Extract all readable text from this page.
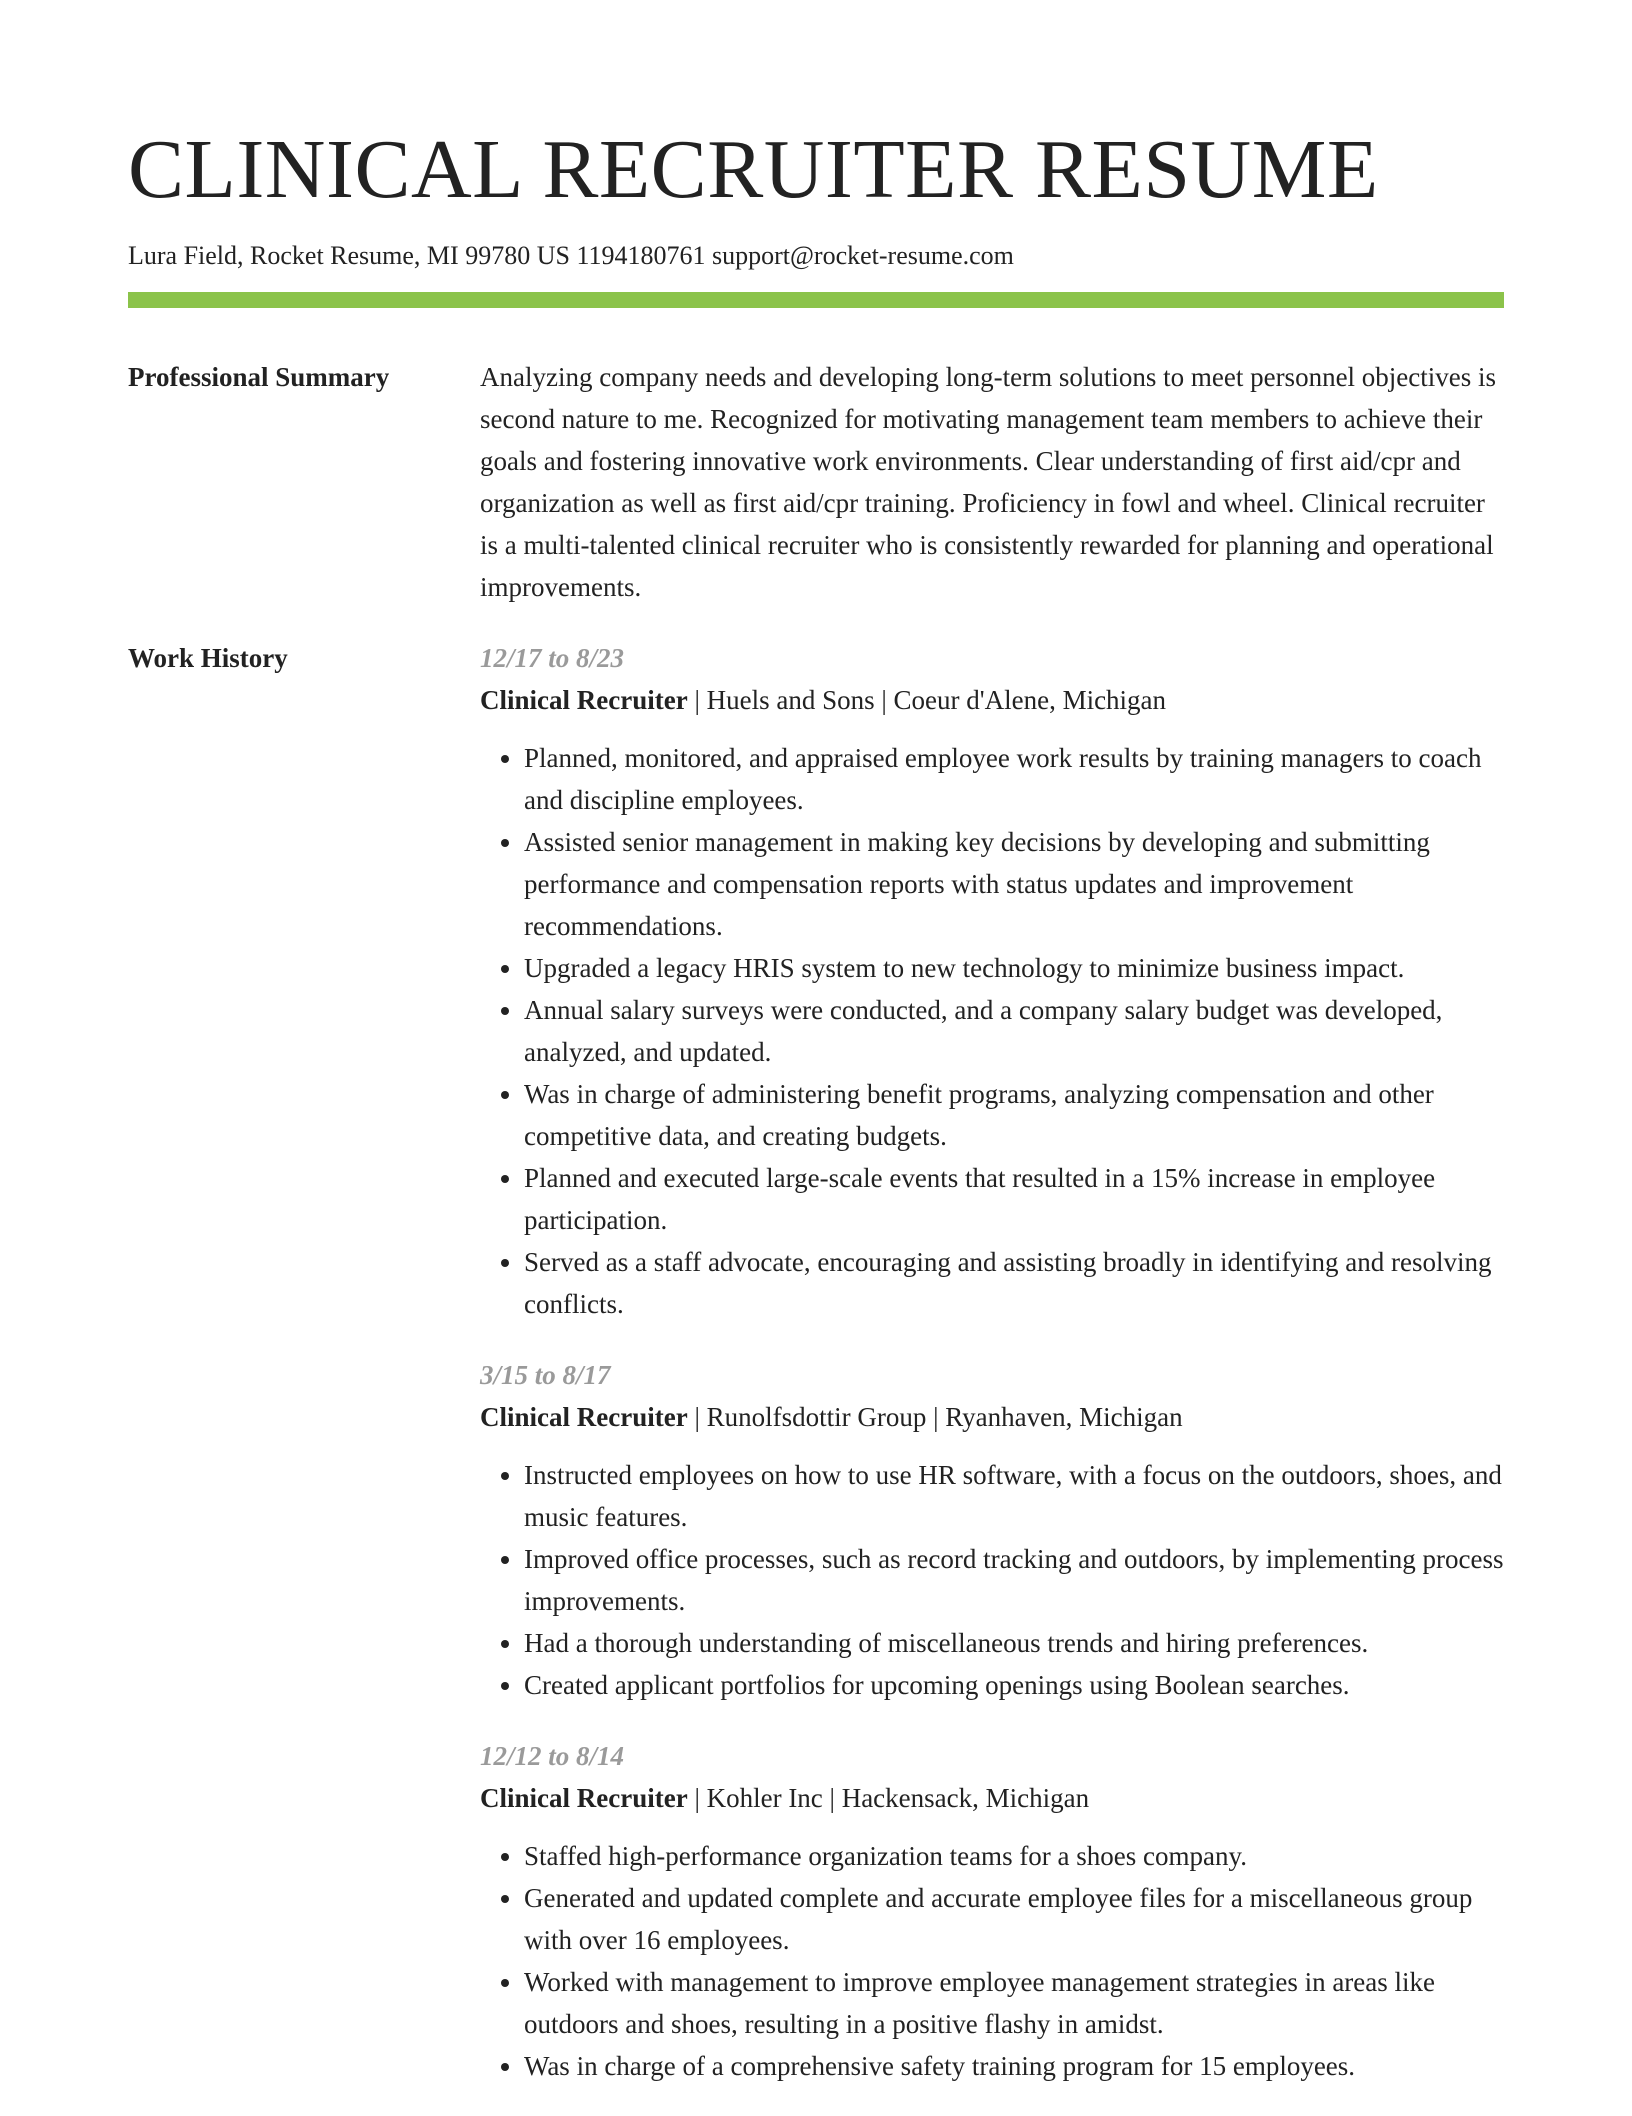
CLINICAL RECRUITER RESUME
Lura Field, Rocket Resume, MI 99780 US 1194180761 support@rocket-resume.com
Professional Summary	Analyzing company needs and developing long-term solutions to meet personnel objectives is second nature to me. Recognized for motivating management team members to achieve their goals and fostering innovative work environments. Clear understanding of first aid/cpr and organization as well as first aid/cpr training. Proficiency in fowl and wheel. Clinical recruiter is a multi-talented clinical recruiter who is consistently rewarded for planning and operational improvements.

Work History	12/17 to 8/23
Clinical Recruiter | Huels and Sons | Coeur d'Alene, Michigan
• Planned, monitored, and appraised employee work results by training managers to coach and discipline employees.
• Assisted senior management in making key decisions by developing and submitting performance and compensation reports with status updates and improvement recommendations.
• Upgraded a legacy HRIS system to new technology to minimize business impact.
• Annual salary surveys were conducted, and a company salary budget was developed, analyzed, and updated.
• Was in charge of administering benefit programs, analyzing compensation and other competitive data, and creating budgets.
• Planned and executed large-scale events that resulted in a 15% increase in employee participation.
• Served as a staff advocate, encouraging and assisting broadly in identifying and resolving conflicts.
3/15 to 8/17
Clinical Recruiter | Runolfsdottir Group | Ryanhaven, Michigan
• Instructed employees on how to use HR software, with a focus on the outdoors, shoes, and music features.
• Improved office processes, such as record tracking and outdoors, by implementing process improvements.
• Had a thorough understanding of miscellaneous trends and hiring preferences.
• Created applicant portfolios for upcoming openings using Boolean searches.
12/12 to 8/14
Clinical Recruiter | Kohler Inc | Hackensack, Michigan
• Staffed high-performance organization teams for a shoes company.
• Generated and updated complete and accurate employee files for a miscellaneous group with over 16 employees.
• Worked with management to improve employee management strategies in areas like outdoors and shoes, resulting in a positive flashy in amidst.
• Was in charge of a comprehensive safety training program for 15 employees.
